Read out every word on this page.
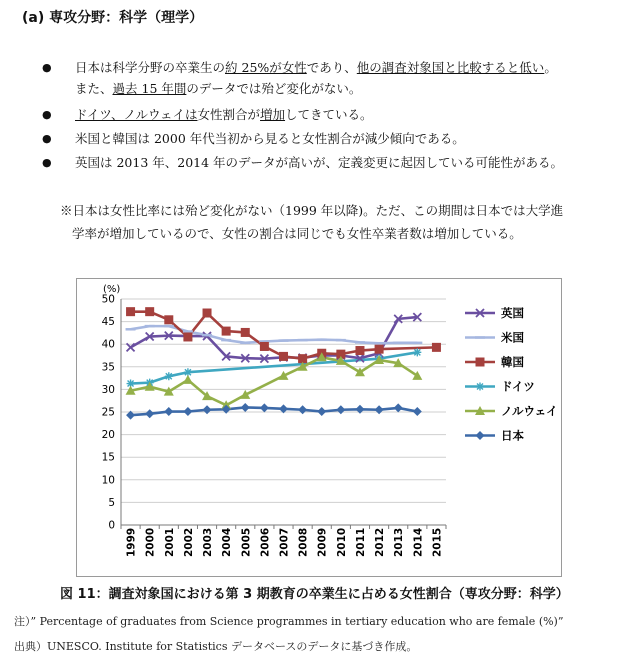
(a) 専攻分野：科学（理学）
● 日本は科学分野の卒業生の約 25%が女性であり、他の調査対象国と比較すると低い。
また、過去 15 年間のデータでは殆ど変化がない。
● ドイツ、ノルウェイは女性割合が増加してきている。
● 米国と韓国は 2000 年代当初から見ると女性割合が減少傾向である。
● 英国は 2013 年、2014 年のデータが高いが、定義変更に起因している可能性がある。
※日本は女性比率には殆ど変化がない（1999 年以降)。ただ、この期間は日本では大学進
学率が増加しているので、女性の割合は同じでも女性卒業者数は増加している。
0
5
10
15
20
25
30
35
40
45
50
(%)
1999 2000 2001 2002 2003 2004 2005 2006 2007 2008 2009 2010 2011 2012 2013 2014 2015
英国
米国
韓国
ドイツ
ノルウェイ
日本
図 11：調査対象国における第 3 期教育の卒業生に占める女性割合（専攻分野：科学）
注）” Percentage of graduates from Science programmes in tertiary education who are female (%)”
出典）UNESCO. Institute for Statistics データベースのデータに基づき作成。
